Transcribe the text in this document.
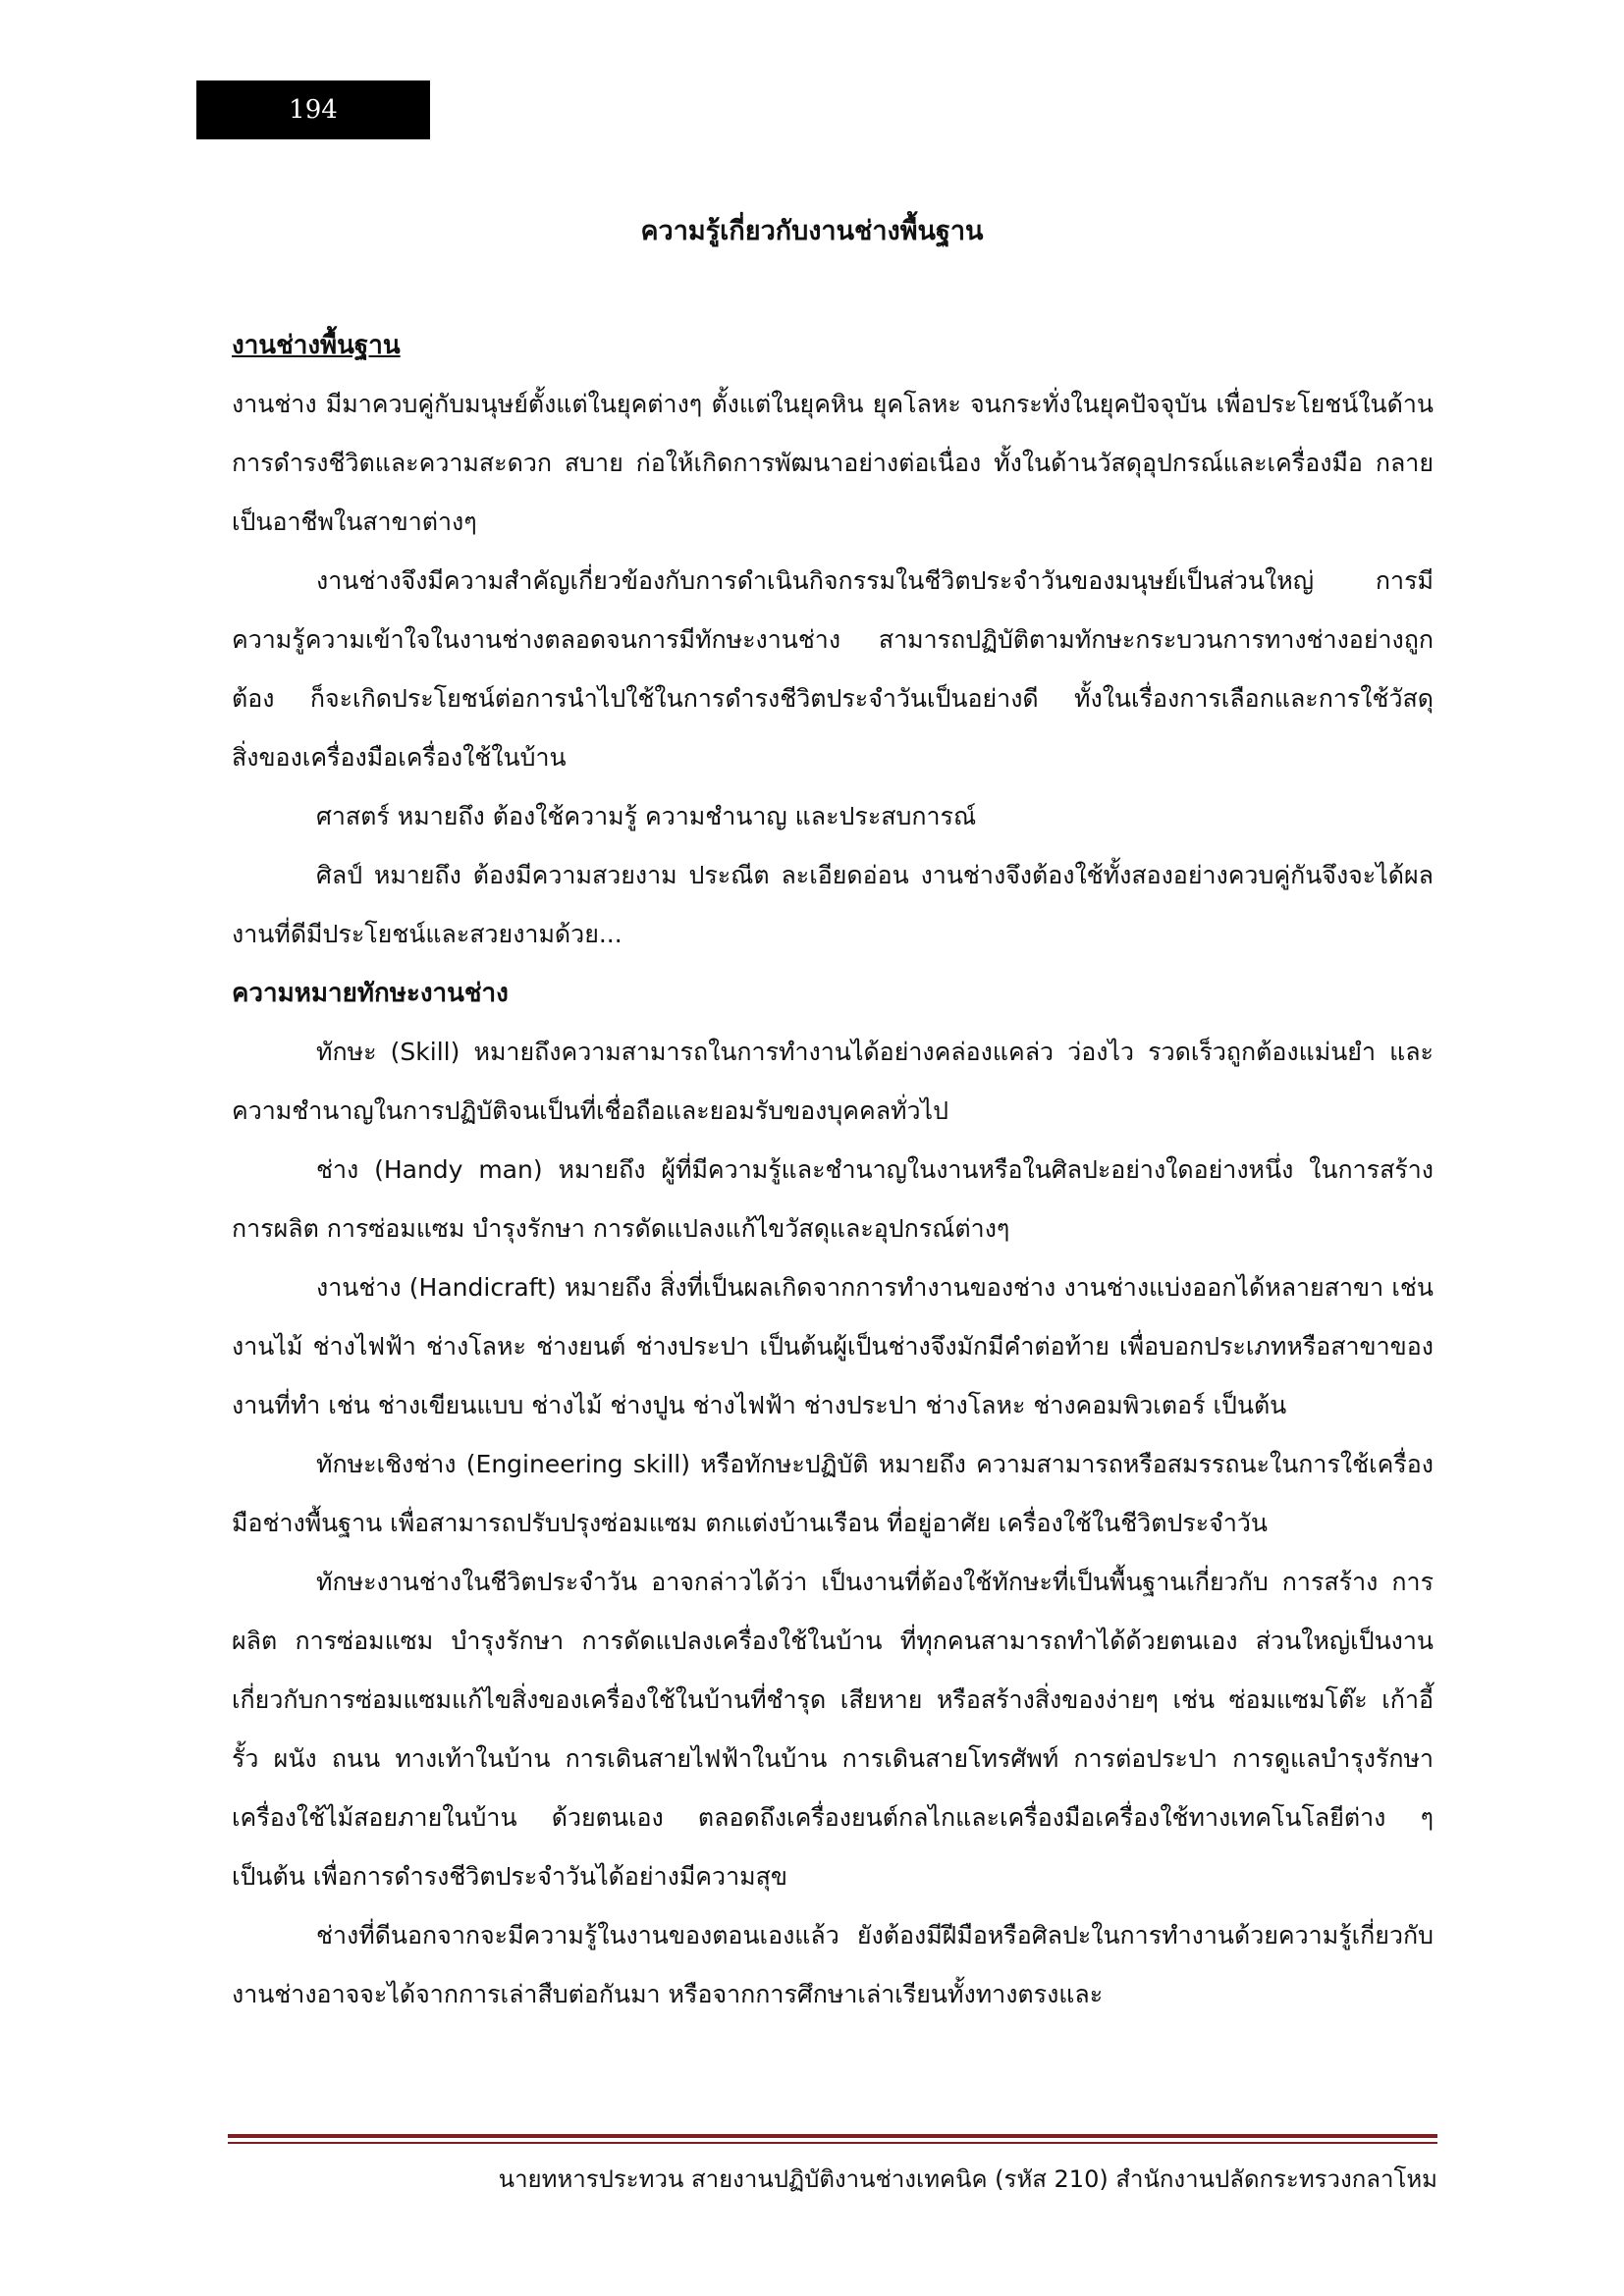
194
ความรู้เกี่ยวกับงานช่างพื้นฐาน

งานช่างพื้นฐาน

งานช่าง มีมาควบคู่กับมนุษย์ตั้งแต่ในยุคต่างๆ ตั้งแต่ในยุคหิน ยุคโลหะ จนกระทั่งในยุคปัจจุบัน เพื่อประโยชน์ในด้านการดำรงชีวิตและความสะดวก สบาย ก่อให้เกิดการพัฒนาอย่างต่อเนื่อง ทั้งในด้านวัสดุอุปกรณ์และเครื่องมือ กลายเป็นอาชีพในสาขาต่างๆ

งานช่างจึงมีความสำคัญเกี่ยวข้องกับการดำเนินกิจกรรมในชีวิตประจำวันของมนุษย์เป็นส่วนใหญ่ การมีความรู้ความเข้าใจในงานช่างตลอดจนการมีทักษะงานช่าง สามารถปฏิบัติตามทักษะกระบวนการทางช่างอย่างถูกต้อง ก็จะเกิดประโยชน์ต่อการนำไปใช้ในการดำรงชีวิตประจำวันเป็นอย่างดี ทั้งในเรื่องการเลือกและการใช้วัสดุสิ่งของเครื่องมือเครื่องใช้ในบ้าน

ศาสตร์ หมายถึง ต้องใช้ความรู้ ความชำนาญ และประสบการณ์

ศิลป์ หมายถึง ต้องมีความสวยงาม ประณีต ละเอียดอ่อน งานช่างจึงต้องใช้ทั้งสองอย่างควบคู่กันจึงจะได้ผลงานที่ดีมีประโยชน์และสวยงามด้วย...

ความหมายทักษะงานช่าง

ทักษะ (Skill) หมายถึงความสามารถในการทำงานได้อย่างคล่องแคล่ว ว่องไว รวดเร็วถูกต้องแม่นยำ และความชำนาญในการปฏิบัติจนเป็นที่เชื่อถือและยอมรับของบุคคลทั่วไป

ช่าง (Handy man) หมายถึง ผู้ที่มีความรู้และชำนาญในงานหรือในศิลปะอย่างใดอย่างหนึ่ง ในการสร้าง การผลิต การซ่อมแซม บำรุงรักษา การดัดแปลงแก้ไขวัสดุและอุปกรณ์ต่างๆ

งานช่าง (Handicraft) หมายถึง สิ่งที่เป็นผลเกิดจากการทำงานของช่าง งานช่างแบ่งออกได้หลายสาขา เช่น งานไม้ ช่างไฟฟ้า ช่างโลหะ ช่างยนต์ ช่างประปา เป็นต้นผู้เป็นช่างจึงมักมีคำต่อท้าย เพื่อบอกประเภทหรือสาขาของงานที่ทำ เช่น ช่างเขียนแบบ ช่างไม้ ช่างปูน ช่างไฟฟ้า ช่างประปา ช่างโลหะ ช่างคอมพิวเตอร์ เป็นต้น

ทักษะเชิงช่าง (Engineering skill) หรือทักษะปฏิบัติ หมายถึง ความสามารถหรือสมรรถนะในการใช้เครื่องมือช่างพื้นฐาน เพื่อสามารถปรับปรุงซ่อมแซม ตกแต่งบ้านเรือน ที่อยู่อาศัย เครื่องใช้ในชีวิตประจำวัน

ทักษะงานช่างในชีวิตประจำวัน อาจกล่าวได้ว่า เป็นงานที่ต้องใช้ทักษะที่เป็นพื้นฐานเกี่ยวกับ การสร้าง การผลิต การซ่อมแซม บำรุงรักษา การดัดแปลงเครื่องใช้ในบ้าน ที่ทุกคนสามารถทำได้ด้วยตนเอง ส่วนใหญ่เป็นงานเกี่ยวกับการซ่อมแซมแก้ไขสิ่งของเครื่องใช้ในบ้านที่ชำรุด เสียหาย หรือสร้างสิ่งของง่ายๆ เช่น ซ่อมแซมโต๊ะ เก้าอี้ รั้ว ผนัง ถนน ทางเท้าในบ้าน การเดินสายไฟฟ้าในบ้าน การเดินสายโทรศัพท์ การต่อประปา การดูแลบำรุงรักษาเครื่องใช้ไม้สอยภายในบ้าน ด้วยตนเอง ตลอดถึงเครื่องยนต์กลไกและเครื่องมือเครื่องใช้ทางเทคโนโลยีต่าง ๆ เป็นต้น เพื่อการดำรงชีวิตประจำวันได้อย่างมีความสุข

ช่างที่ดีนอกจากจะมีความรู้ในงานของตอนเองแล้ว ยังต้องมีฝีมือหรือศิลปะในการทำงานด้วยความรู้เกี่ยวกับงานช่างอาจจะได้จากการเล่าสืบต่อกันมา หรือจากการศึกษาเล่าเรียนทั้งทางตรงและ

นายทหารประทวน สายงานปฏิบัติงานช่างเทคนิค (รหัส 210) สำนักงานปลัดกระทรวงกลาโหม
